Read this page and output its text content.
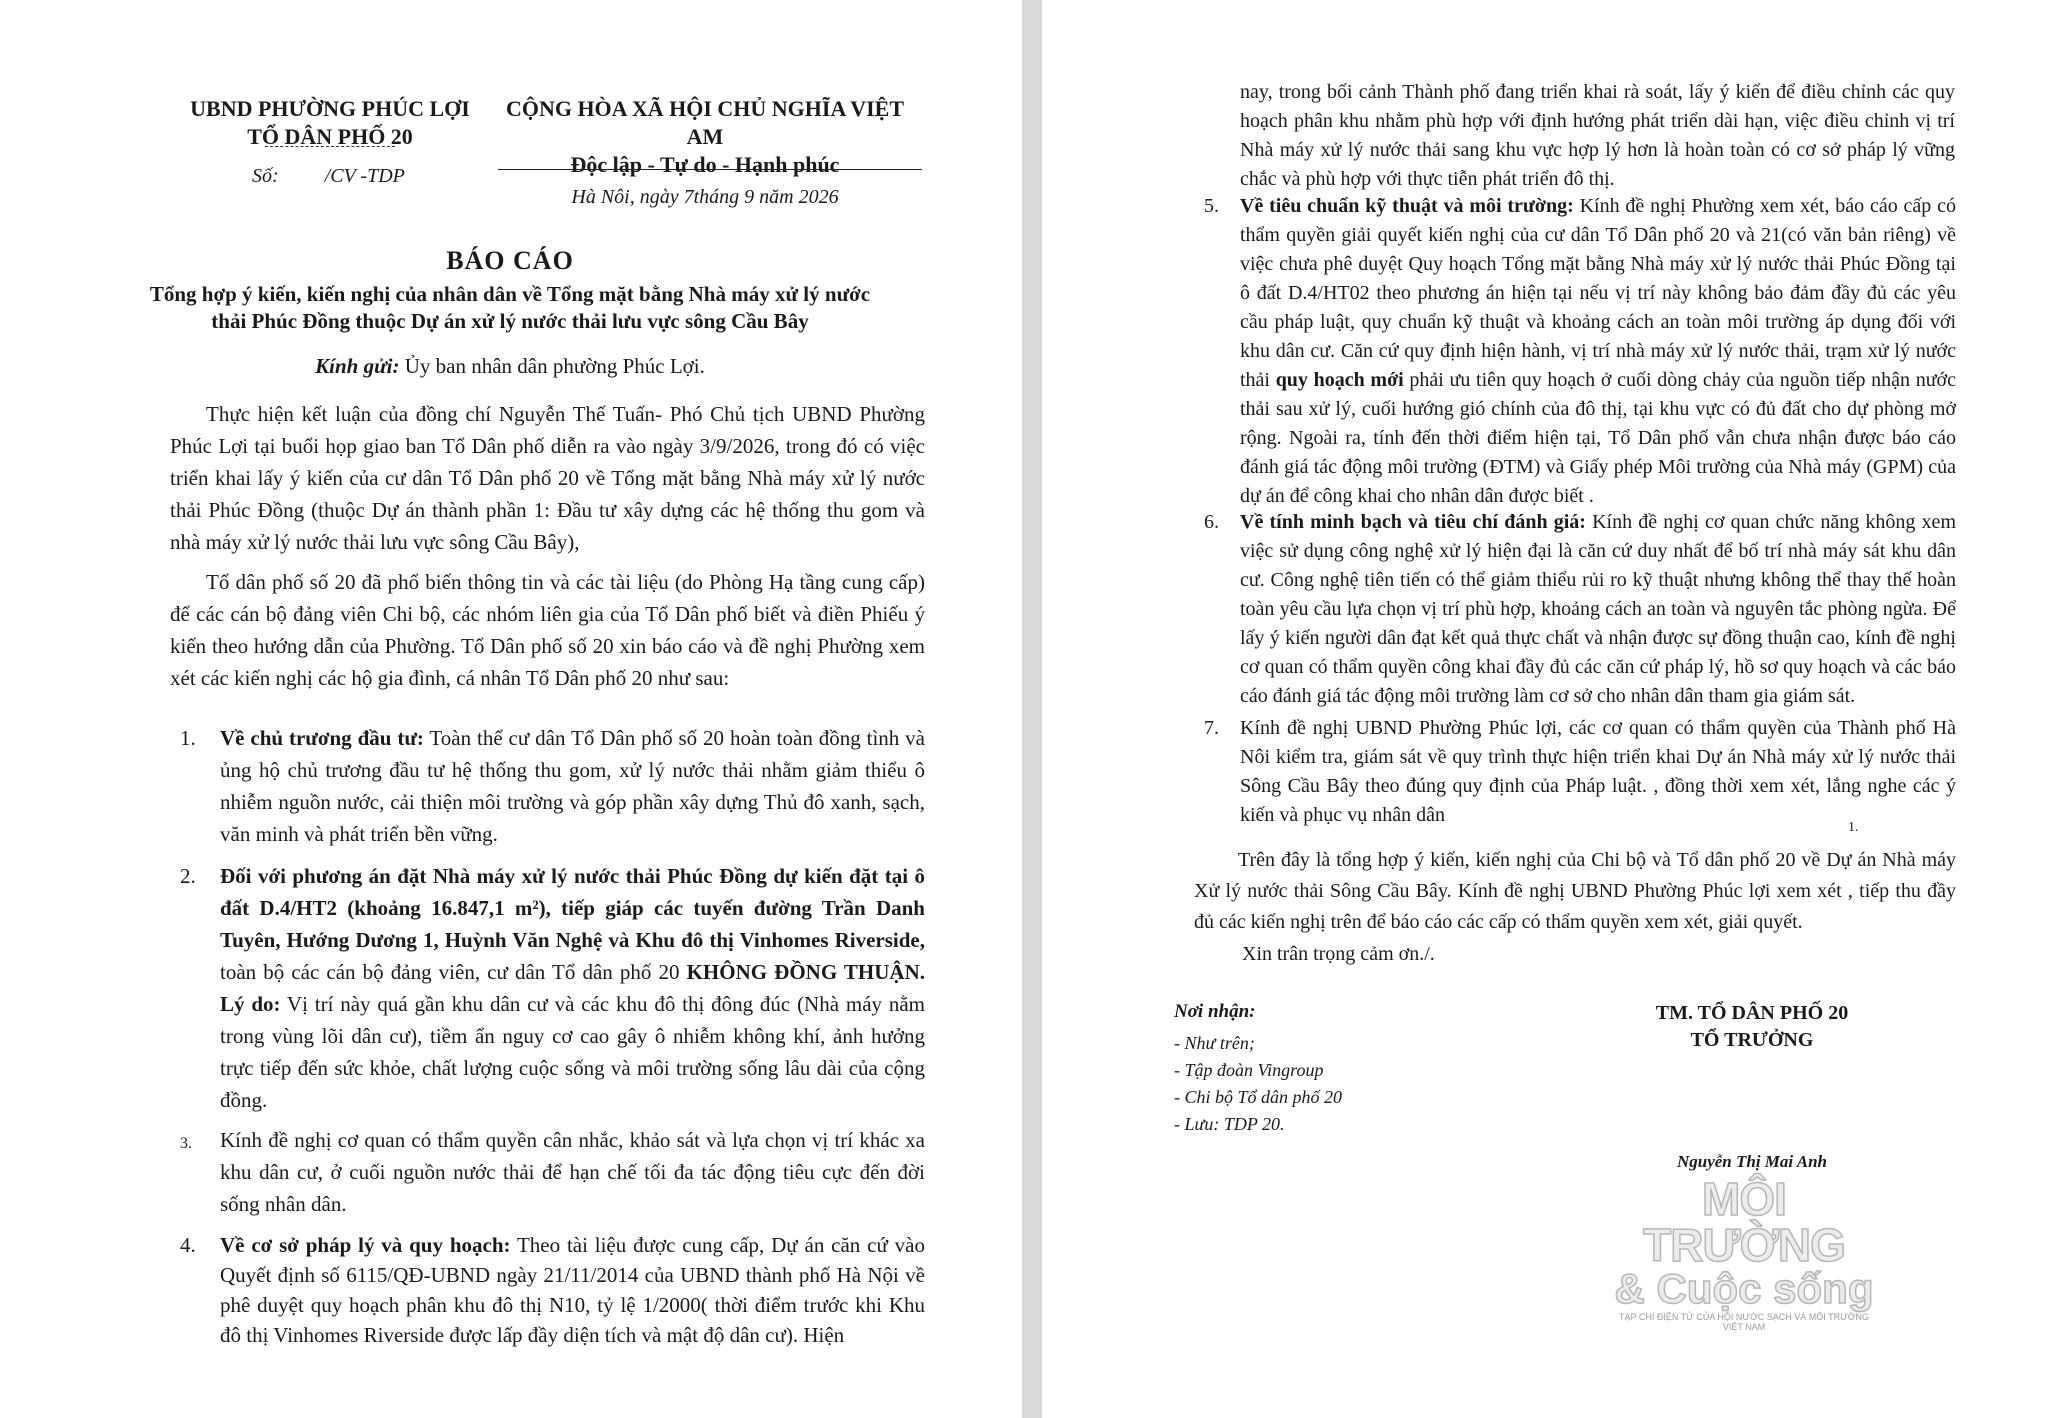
UBND PHƯỜNG PHÚC LỢI
TỔ DÂN PHỐ 20
Số: /CV -TDP
CỘNG HÒA XÃ HỘI CHỦ NGHĨA VIỆT AM
Độc lập - Tự do - Hạnh phúc
Hà Nôi, ngày 7tháng 9 năm 2026
BÁO CÁO
Tổng hợp ý kiến, kiến nghị của nhân dân về Tổng mặt bằng Nhà máy xử lý nước thải Phúc Đồng thuộc Dự án xử lý nước thải lưu vực sông Cầu Bây
Kính gửi: Ủy ban nhân dân phường Phúc Lợi.
Thực hiện kết luận của đồng chí Nguyễn Thế Tuấn- Phó Chủ tịch UBND Phường Phúc Lợi tại buổi họp giao ban Tổ Dân phố diễn ra vào ngày 3/9/2026, trong đó có việc triển khai lấy ý kiến của cư dân Tổ Dân phố 20 về Tổng mặt bằng Nhà máy xử lý nước thải Phúc Đồng (thuộc Dự án thành phần 1: Đầu tư xây dựng các hệ thống thu gom và nhà máy xử lý nước thải lưu vực sông Cầu Bây),
Tổ dân phố số 20 đã phổ biến thông tin và các tài liệu (do Phòng Hạ tầng cung cấp) để các cán bộ đảng viên Chi bộ, các nhóm liên gia của Tổ Dân phố biết và điền Phiếu ý kiến theo hướng dẫn của Phường. Tổ Dân phố số 20 xin báo cáo và đề nghị Phường xem xét các kiến nghị các hộ gia đình, cá nhân Tổ Dân phố 20 như sau:
1. Về chủ trương đầu tư: Toàn thể cư dân Tổ Dân phố số 20 hoàn toàn đồng tình và ủng hộ chủ trương đầu tư hệ thống thu gom, xử lý nước thải nhằm giảm thiểu ô nhiễm nguồn nước, cải thiện môi trường và góp phần xây dựng Thủ đô xanh, sạch, văn minh và phát triển bền vững.
2. Đối với phương án đặt Nhà máy xử lý nước thải Phúc Đồng dự kiến đặt tại ô đất D.4/HT2 (khoảng 16.847,1 m²), tiếp giáp các tuyến đường Trần Danh Tuyên, Hướng Dương 1, Huỳnh Văn Nghệ và Khu đô thị Vinhomes Riverside, toàn bộ các cán bộ đảng viên, cư dân Tổ dân phố 20 KHÔNG ĐỒNG THUẬN. Lý do: Vị trí này quá gần khu dân cư và các khu đô thị đông đúc (Nhà máy nằm trong vùng lõi dân cư), tiềm ẩn nguy cơ cao gây ô nhiễm không khí, ảnh hưởng trực tiếp đến sức khỏe, chất lượng cuộc sống và môi trường sống lâu dài của cộng đồng.
3. Kính đề nghị cơ quan có thẩm quyền cân nhắc, khảo sát và lựa chọn vị trí khác xa khu dân cư, ở cuối nguồn nước thải để hạn chế tối đa tác động tiêu cực đến đời sống nhân dân.
4. Về cơ sở pháp lý và quy hoạch: Theo tài liệu được cung cấp, Dự án căn cứ vào Quyết định số 6115/QĐ-UBND ngày 21/11/2014 của UBND thành phố Hà Nội về phê duyệt quy hoạch phân khu đô thị N10, tỷ lệ 1/2000( thời điểm trước khi Khu đô thị Vinhomes Riverside được lấp đầy diện tích và mật độ dân cư). Hiện
nay, trong bối cảnh Thành phố đang triển khai rà soát, lấy ý kiến để điều chỉnh các quy hoạch phân khu nhằm phù hợp với định hướng phát triển dài hạn, việc điều chỉnh vị trí Nhà máy xử lý nước thải sang khu vực hợp lý hơn là hoàn toàn có cơ sở pháp lý vững chắc và phù hợp với thực tiễn phát triển đô thị.
5. Về tiêu chuẩn kỹ thuật và môi trường: Kính đề nghị Phường xem xét, báo cáo cấp có thẩm quyền giải quyết kiến nghị của cư dân Tổ Dân phố 20 và 21(có văn bản riêng) về việc chưa phê duyệt Quy hoạch Tổng mặt bằng Nhà máy xử lý nước thải Phúc Đồng tại ô đất D.4/HT02 theo phương án hiện tại nếu vị trí này không bảo đảm đầy đủ các yêu cầu pháp luật, quy chuẩn kỹ thuật và khoảng cách an toàn môi trường áp dụng đối với khu dân cư. Căn cứ quy định hiện hành, vị trí nhà máy xử lý nước thải, trạm xử lý nước thải quy hoạch mới phải ưu tiên quy hoạch ở cuối dòng chảy của nguồn tiếp nhận nước thải sau xử lý, cuối hướng gió chính của đô thị, tại khu vực có đủ đất cho dự phòng mở rộng. Ngoài ra, tính đến thời điểm hiện tại, Tổ Dân phố vẫn chưa nhận được báo cáo đánh giá tác động môi trường (ĐTM) và Giấy phép Môi trường của Nhà máy (GPM) của dự án để công khai cho nhân dân được biết .
6. Về tính minh bạch và tiêu chí đánh giá: Kính đề nghị cơ quan chức năng không xem việc sử dụng công nghệ xử lý hiện đại là căn cứ duy nhất để bố trí nhà máy sát khu dân cư. Công nghệ tiên tiến có thể giảm thiểu rủi ro kỹ thuật nhưng không thể thay thế hoàn toàn yêu cầu lựa chọn vị trí phù hợp, khoảng cách an toàn và nguyên tắc phòng ngừa. Để lấy ý kiến người dân đạt kết quả thực chất và nhận được sự đồng thuận cao, kính đề nghị cơ quan có thẩm quyền công khai đầy đủ các căn cứ pháp lý, hồ sơ quy hoạch và các báo cáo đánh giá tác động môi trường làm cơ sở cho nhân dân tham gia giám sát.
7. Kính đề nghị UBND Phường Phúc lợi, các cơ quan có thẩm quyền của Thành phố Hà Nôi kiểm tra, giám sát về quy trình thực hiện triển khai Dự án Nhà máy xử lý nước thải Sông Cầu Bây theo đúng quy định của Pháp luật. , đồng thời xem xét, lắng nghe các ý kiến và phục vụ nhân dân
1.
Trên đây là tổng hợp ý kiến, kiến nghị của Chi bộ và Tổ dân phố 20 về Dự án Nhà máy Xử lý nước thải Sông Cầu Bây. Kính đề nghị UBND Phường Phúc lợi xem xét , tiếp thu đầy đủ các kiến nghị trên để báo cáo các cấp có thẩm quyền xem xét, giải quyết.
Xin trân trọng cảm ơn./.
Nơi nhận:
- Như trên;
- Tập đoàn Vingroup
- Chi bộ Tổ dân phố 20
- Lưu: TDP 20.
TM. TỔ DÂN PHỐ 20
TỔ TRƯỞNG
Nguyễn Thị Mai Anh
MÔI TRƯỜNG
& Cuộc sống
TẠP CHÍ ĐIỆN TỬ CỦA HỘI NƯỚC SẠCH VÀ MÔI TRƯỜNG VIỆT NAM
